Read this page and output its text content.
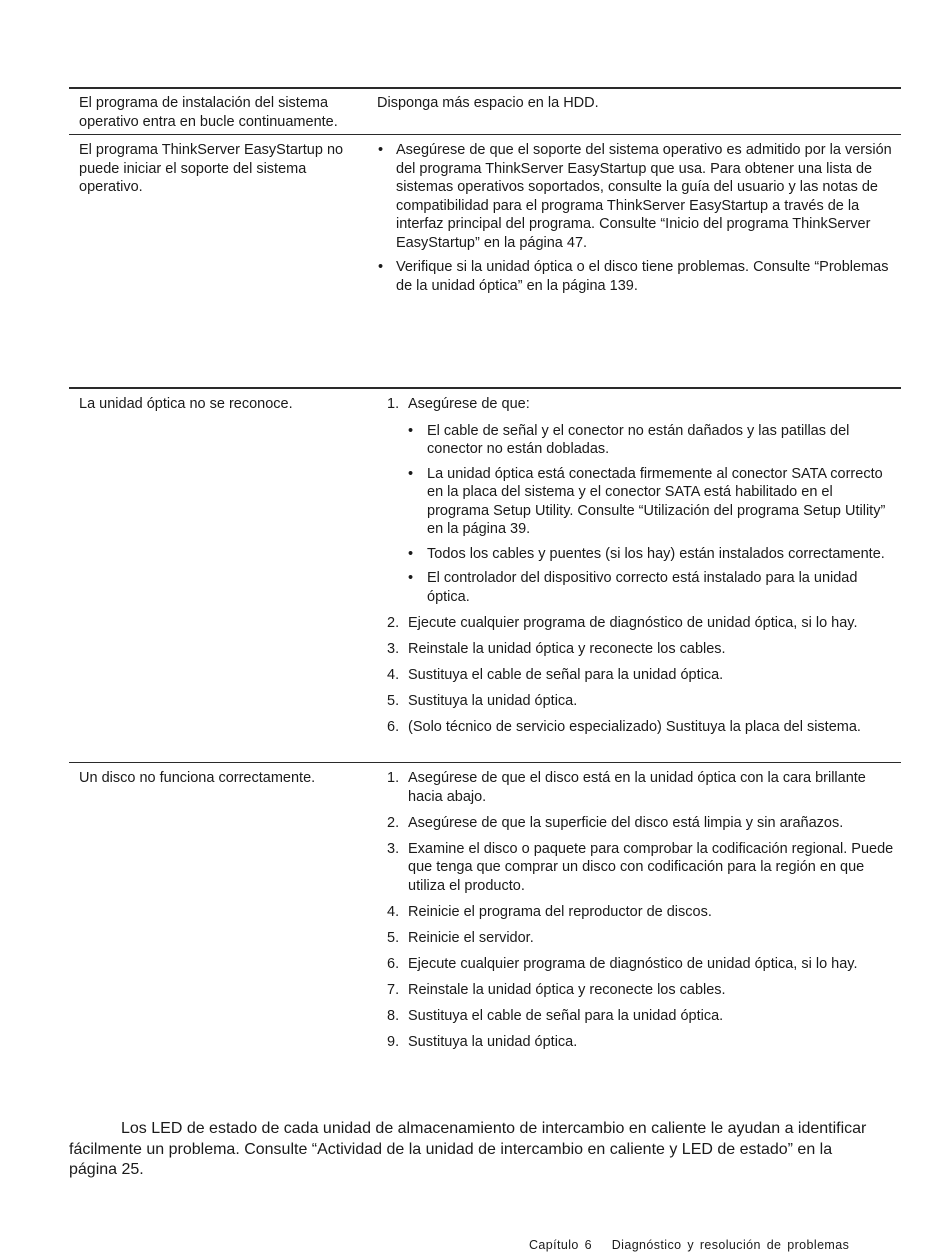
El programa de instalación del sistema operativo entra en bucle continuamente.
Disponga más espacio en la HDD.
El programa ThinkServer EasyStartup no puede iniciar el soporte del sistema operativo.
• Asegúrese de que el soporte del sistema operativo es admitido por la versión del programa ThinkServer EasyStartup que usa. Para obtener una lista de sistemas operativos soportados, consulte la guía del usuario y las notas de compatibilidad para el programa ThinkServer EasyStartup a través de la interfaz principal del programa. Consulte “Inicio del programa ThinkServer EasyStartup” en la página 47.
• Verifique si la unidad óptica o el disco tiene problemas. Consulte “Problemas de la unidad óptica” en la página 139.
La unidad óptica no se reconoce.	1. Asegúrese de que:
• El cable de señal y el conector no están dañados y las patillas del conector no están dobladas.
• La unidad óptica está conectada firmemente al conector SATA correcto en la placa del sistema y el conector SATA está habilitado en el programa Setup Utility. Consulte “Utilización del programa Setup Utility” en la página 39.
• Todos los cables y puentes (si los hay) están instalados correctamente.
• El controlador del dispositivo correcto está instalado para la unidad óptica.
2. Ejecute cualquier programa de diagnóstico de unidad óptica, si lo hay.
3. Reinstale la unidad óptica y reconecte los cables.
4. Sustituya el cable de señal para la unidad óptica.
5. Sustituya la unidad óptica.
6. (Solo técnico de servicio especializado) Sustituya la placa del sistema.
Un disco no funciona correctamente.	1. Asegúrese de que el disco está en la unidad óptica con la cara brillante hacia abajo.
2. Asegúrese de que la superficie del disco está limpia y sin arañazos.
3. Examine el disco o paquete para comprobar la codificación regional. Puede que tenga que comprar un disco con codificación para la región en que utiliza el producto.
4. Reinicie el programa del reproductor de discos.
5. Reinicie el servidor.
6. Ejecute cualquier programa de diagnóstico de unidad óptica, si lo hay.
7. Reinstale la unidad óptica y reconecte los cables.
8. Sustituya el cable de señal para la unidad óptica.
9. Sustituya la unidad óptica.

Los LED de estado de cada unidad de almacenamiento de intercambio en caliente le ayudan a identificar fácilmente un problema. Consulte “Actividad de la unidad de intercambio en caliente y LED de estado” en la página 25.

Capítulo 6 Diagnóstico y resolución de problemas
